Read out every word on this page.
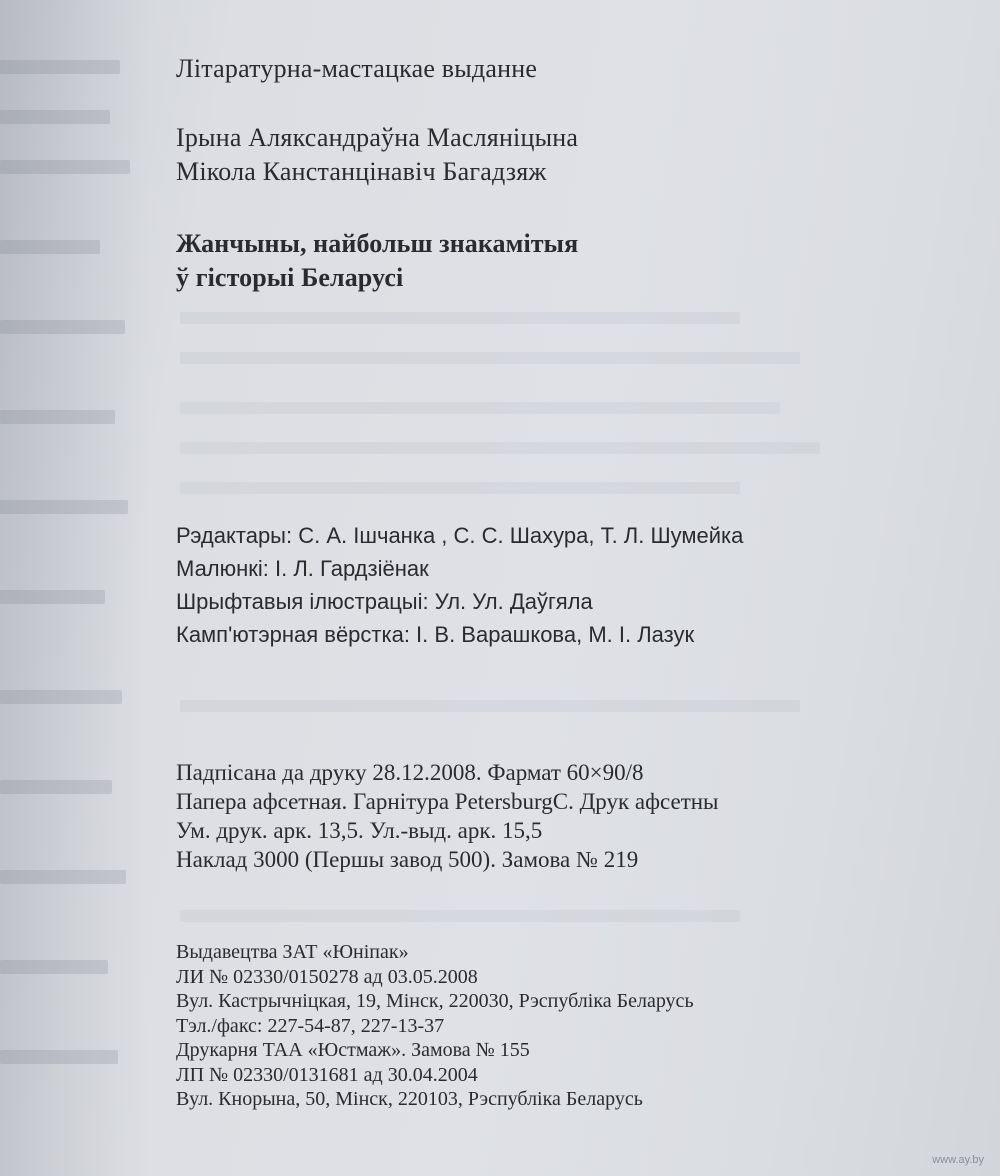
Літаратурна-мастацкае выданне
Ірына Аляксандраўна Масляніцына
Мікола Канстанцінавіч Багадзяж
Жанчыны, найбольш знакамітыя
ў гісторыі Беларусі
Рэдактары: С. А. Ішчанка , С. С. Шахура, Т. Л. Шумейка
Малюнкі: І. Л. Гардзіёнак
Шрыфтавыя ілюстрацыі: Ул. Ул. Даўгяла
Камп'ютэрная вёрстка: І. В. Варашкова, М. І. Лазук
Падпісана да друку 28.12.2008. Фармат 60×90/8
Папера афсетная. Гарнітура PetersburgC. Друк афсетны
Ум. друк. арк. 13,5. Ул.-выд. арк. 15,5
Наклад 3000 (Першы завод 500). Замова № 219
Выдавецтва ЗАТ «Юніпак»
ЛИ № 02330/0150278 ад 03.05.2008
Вул. Кастрычніцкая, 19, Мінск, 220030, Рэспубліка Беларусь
Тэл./факс: 227-54-87, 227-13-37
Друкарня ТАА «Юстмаж». Замова № 155
ЛП № 02330/0131681 ад 30.04.2004
Вул. Кнорына, 50, Мінск, 220103, Рэспубліка Беларусь
www.ay.by
